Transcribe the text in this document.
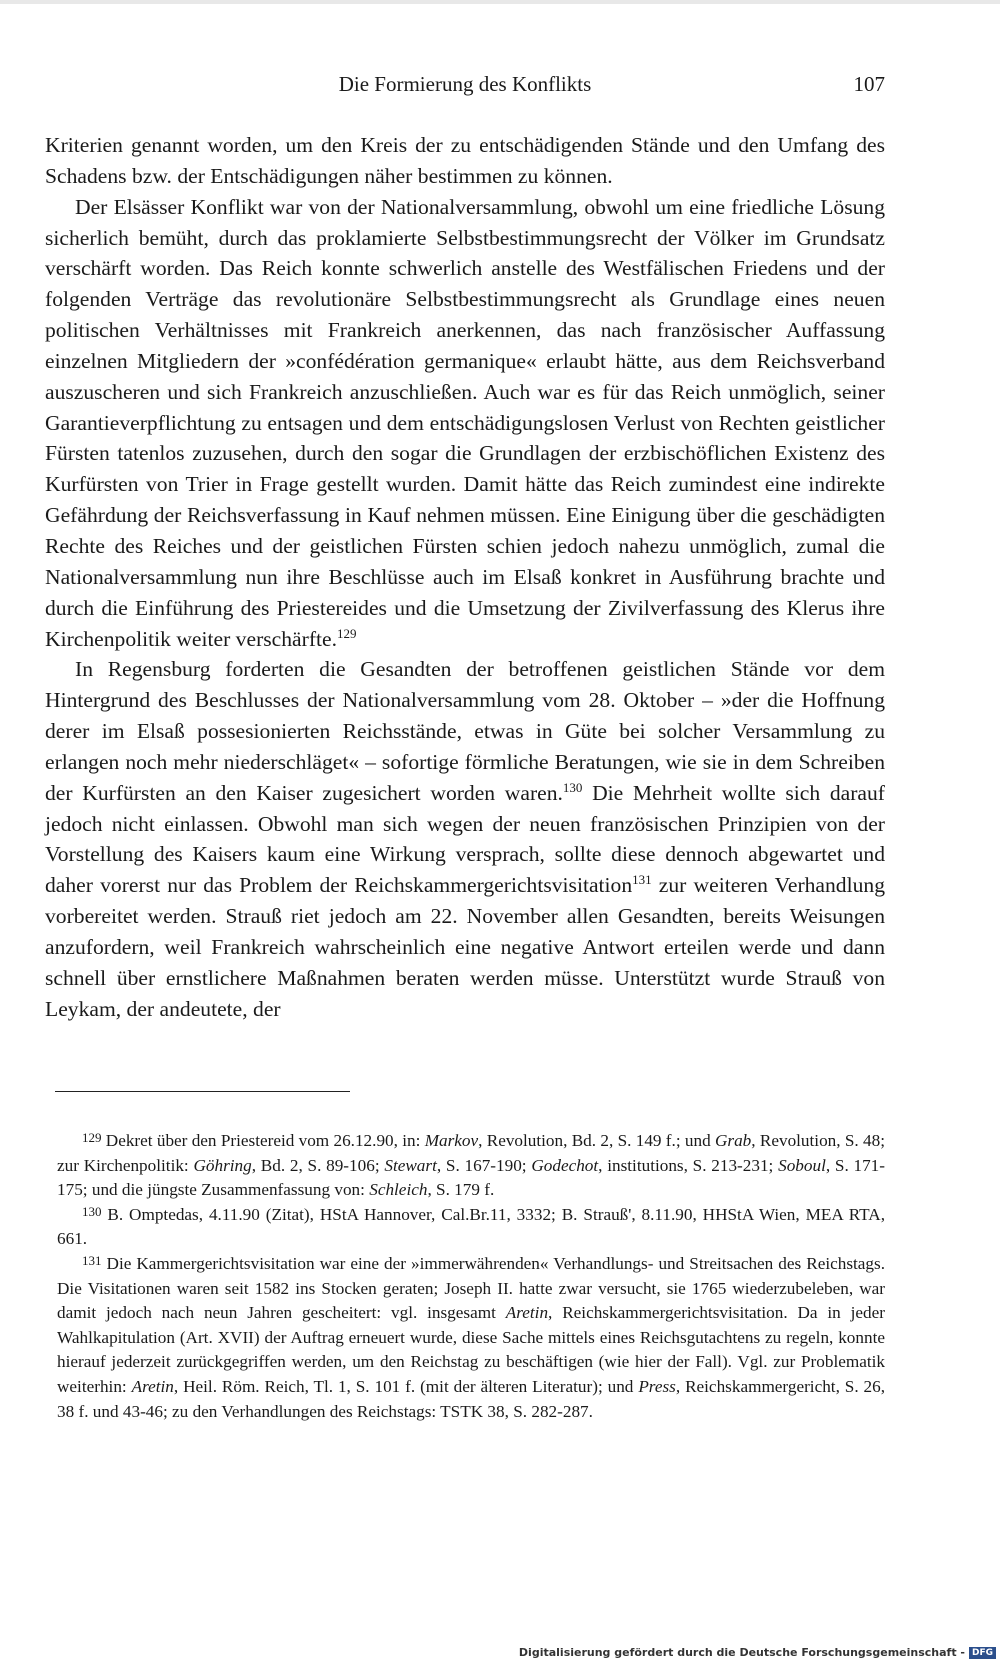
Die Formierung des Konflikts	107

Kriterien genannt worden, um den Kreis der zu entschädigenden Stände und den Umfang des Schadens bzw. der Entschädigungen näher bestimmen zu können.

Der Elsässer Konflikt war von der Nationalversammlung, obwohl um eine friedliche Lösung sicherlich bemüht, durch das proklamierte Selbstbestimmungsrecht der Völker im Grundsatz verschärft worden. Das Reich konnte schwerlich anstelle des Westfälischen Friedens und der folgenden Verträge das revolutionäre Selbstbestimmungsrecht als Grundlage eines neuen politischen Verhältnisses mit Frankreich anerkennen, das nach französischer Auffassung einzelnen Mitgliedern der »confédération germanique« erlaubt hätte, aus dem Reichsverband auszuscheren und sich Frankreich anzuschließen. Auch war es für das Reich unmöglich, seiner Garantieverpflichtung zu entsagen und dem entschädigungslosen Verlust von Rechten geistlicher Fürsten tatenlos zuzusehen, durch den sogar die Grundlagen der erzbischöflichen Existenz des Kurfürsten von Trier in Frage gestellt wurden. Damit hätte das Reich zumindest eine indirekte Gefährdung der Reichsverfassung in Kauf nehmen müssen. Eine Einigung über die geschädigten Rechte des Reiches und der geistlichen Fürsten schien jedoch nahezu unmöglich, zumal die Nationalversammlung nun ihre Beschlüsse auch im Elsaß konkret in Ausführung brachte und durch die Einführung des Priestereides und die Umsetzung der Zivilverfassung des Klerus ihre Kirchenpolitik weiter verschärfte.$^{129}$

In Regensburg forderten die Gesandten der betroffenen geistlichen Stände vor dem Hintergrund des Beschlusses der Nationalversammlung vom 28. Oktober – »der die Hoffnung derer im Elsaß possesionierten Reichsstände, etwas in Güte bei solcher Versammlung zu erlangen noch mehr niederschläget« – sofortige förmliche Beratungen, wie sie in dem Schreiben der Kurfürsten an den Kaiser zugesichert worden waren.$^{130}$ Die Mehrheit wollte sich darauf jedoch nicht einlassen. Obwohl man sich wegen der neuen französischen Prinzipien von der Vorstellung des Kaisers kaum eine Wirkung versprach, sollte diese dennoch abgewartet und daher vorerst nur das Problem der Reichskammergerichtsvisitation$^{131}$ zur weiteren Verhandlung vorbereitet werden. Strauß riet jedoch am 22. November allen Gesandten, bereits Weisungen anzufordern, weil Frankreich wahrscheinlich eine negative Antwort erteilen werde und dann schnell über ernstlichere Maßnahmen beraten werden müsse. Unterstützt wurde Strauß von Leykam, der andeutete, der

$^{129}$ Dekret über den Priestereid vom 26.12.90, in: Markov, Revolution, Bd. 2, S. 149 f.; und Grab, Revolution, S. 48; zur Kirchenpolitik: Göhring, Bd. 2, S. 89-106; Stewart, S. 167-190; Godechot, institutions, S. 213-231; Soboul, S. 171-175; und die jüngste Zusammenfassung von: Schleich, S. 179 f.

$^{130}$ B. Omptedas, 4.11.90 (Zitat), HStA Hannover, Cal.Br.11, 3332; B. Strauß', 8.11.90, HHStA Wien, MEA RTA, 661.

$^{131}$ Die Kammergerichtsvisitation war eine der »immerwährenden« Verhandlungs- und Streitsachen des Reichstags. Die Visitationen waren seit 1582 ins Stocken geraten; Joseph II. hatte zwar versucht, sie 1765 wiederzubeleben, war damit jedoch nach neun Jahren gescheitert: vgl. insgesamt Aretin, Reichskammergerichtsvisitation. Da in jeder Wahlkapitulation (Art. XVII) der Auftrag erneuert wurde, diese Sache mittels eines Reichsgutachtens zu regeln, konnte hierauf jederzeit zurückgegriffen werden, um den Reichstag zu beschäftigen (wie hier der Fall). Vgl. zur Problematik weiterhin: Aretin, Heil. Röm. Reich, Tl. 1, S. 101 f. (mit der älteren Literatur); und Press, Reichskammergericht, S. 26, 38 f. und 43-46; zu den Verhandlungen des Reichstags: TSTK 38, S. 282-287.

Digitalisierung gefördert durch die Deutsche Forschungsgemeinschaft - DFG
